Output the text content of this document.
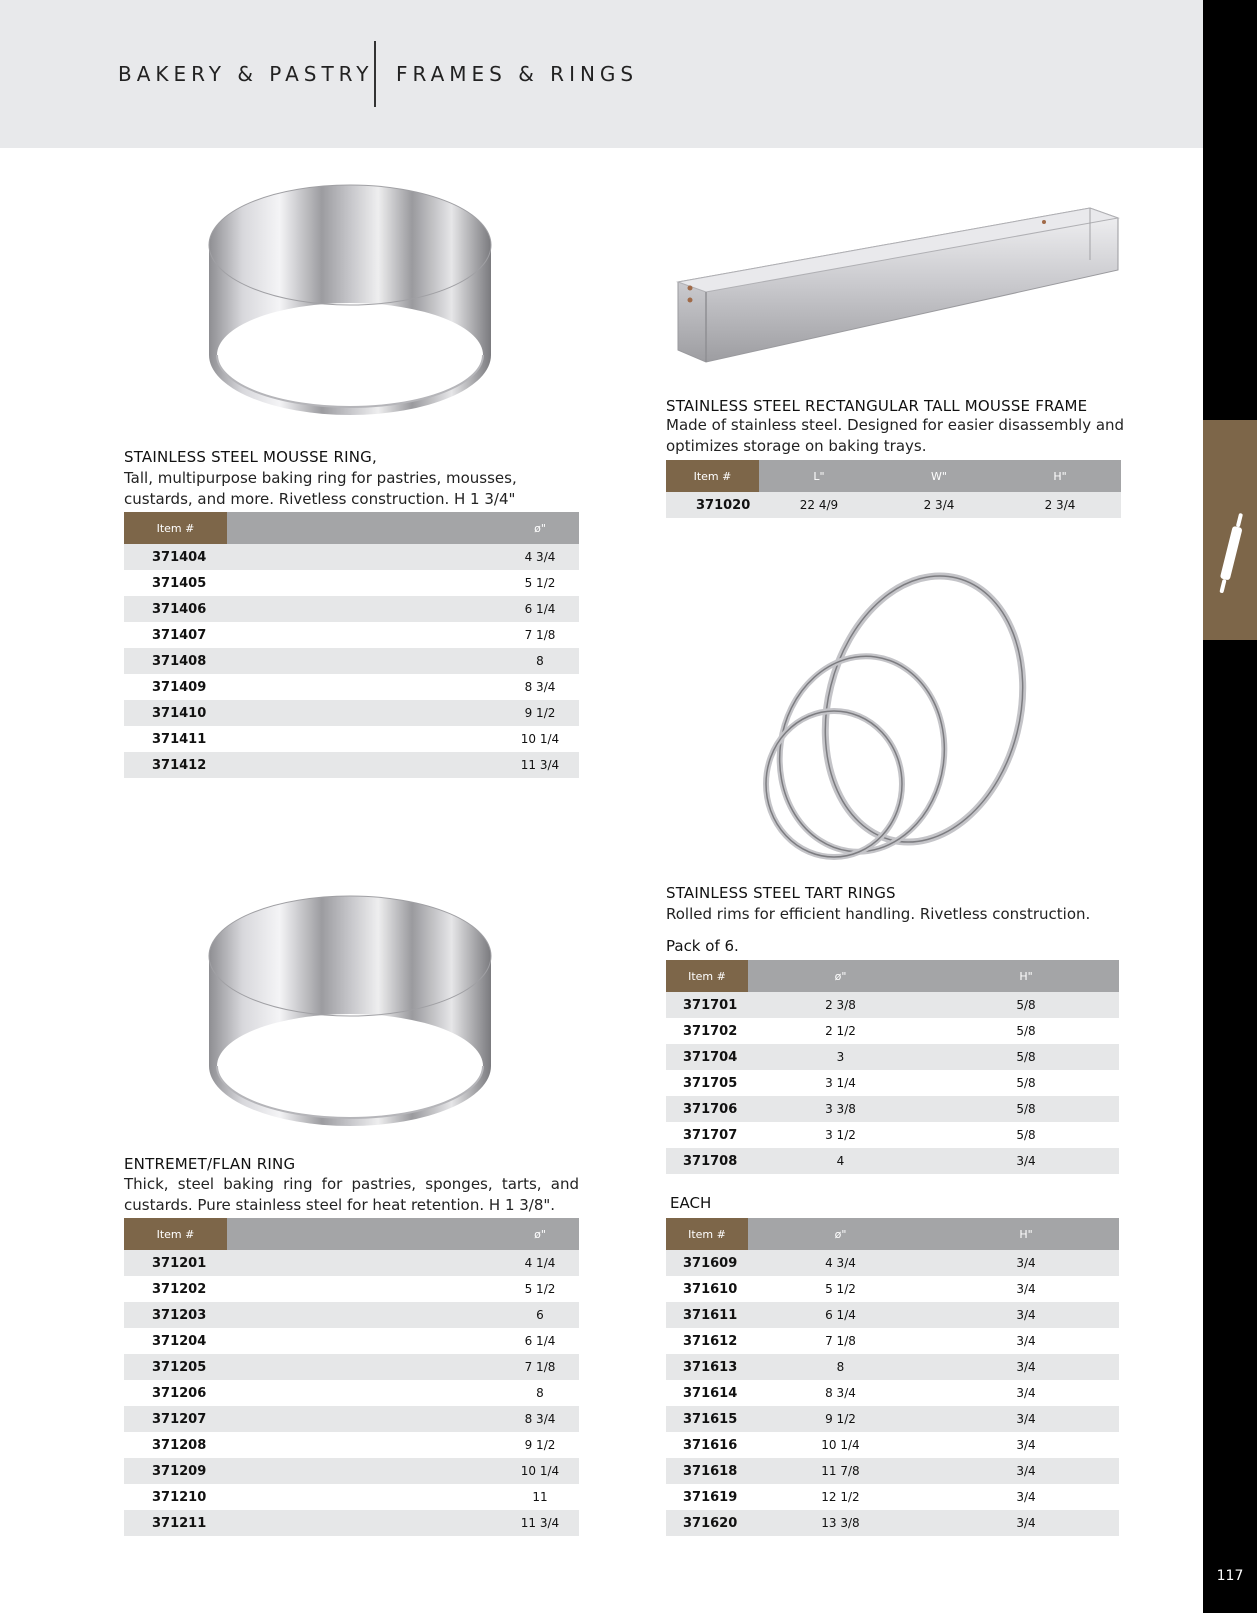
BAKERY & PASTRY FRAMES & RINGS
117
STAINLESS STEEL MOUSSE RING,
Tall, multipurpose baking ring for pastries, mousses, custards, and more. Rivetless construction. H 1 3/4"
Item #		ø"
371404		4 3/4
371405		5 1/2
371406		6 1/4
371407		7 1/8
371408		8
371409		8 3/4
371410		9 1/2
371411		10 1/4
371412		11 3/4
STAINLESS STEEL RECTANGULAR TALL MOUSSE FRAME
Made of stainless steel. Designed for easier disassembly and optimizes storage on baking trays.
Item #	L"	W"	H"
371020	22 4/9	2 3/4	2 3/4
STAINLESS STEEL TART RINGS
Rolled rims for efficient handling. Rivetless construction.
Pack of 6.
Item #	ø"	H"
371701	2 3/8	5/8
371702	2 1/2	5/8
371704	3	5/8
371705	3 1/4	5/8
371706	3 3/8	5/8
371707	3 1/2	5/8
371708	4	3/4
EACH
Item #	ø"	H"
371609	4 3/4	3/4
371610	5 1/2	3/4
371611	6 1/4	3/4
371612	7 1/8	3/4
371613	8	3/4
371614	8 3/4	3/4
371615	9 1/2	3/4
371616	10 1/4	3/4
371618	11 7/8	3/4
371619	12 1/2	3/4
371620	13 3/8	3/4
ENTREMET/FLAN RING
Thick, steel baking ring for pastries, sponges, tarts, and custards. Pure stainless steel for heat retention. H 1 3/8".
Item #		ø"
371201		4 1/4
371202		5 1/2
371203		6
371204		6 1/4
371205		7 1/8
371206		8
371207		8 3/4
371208		9 1/2
371209		10 1/4
371210		11
371211		11 3/4
